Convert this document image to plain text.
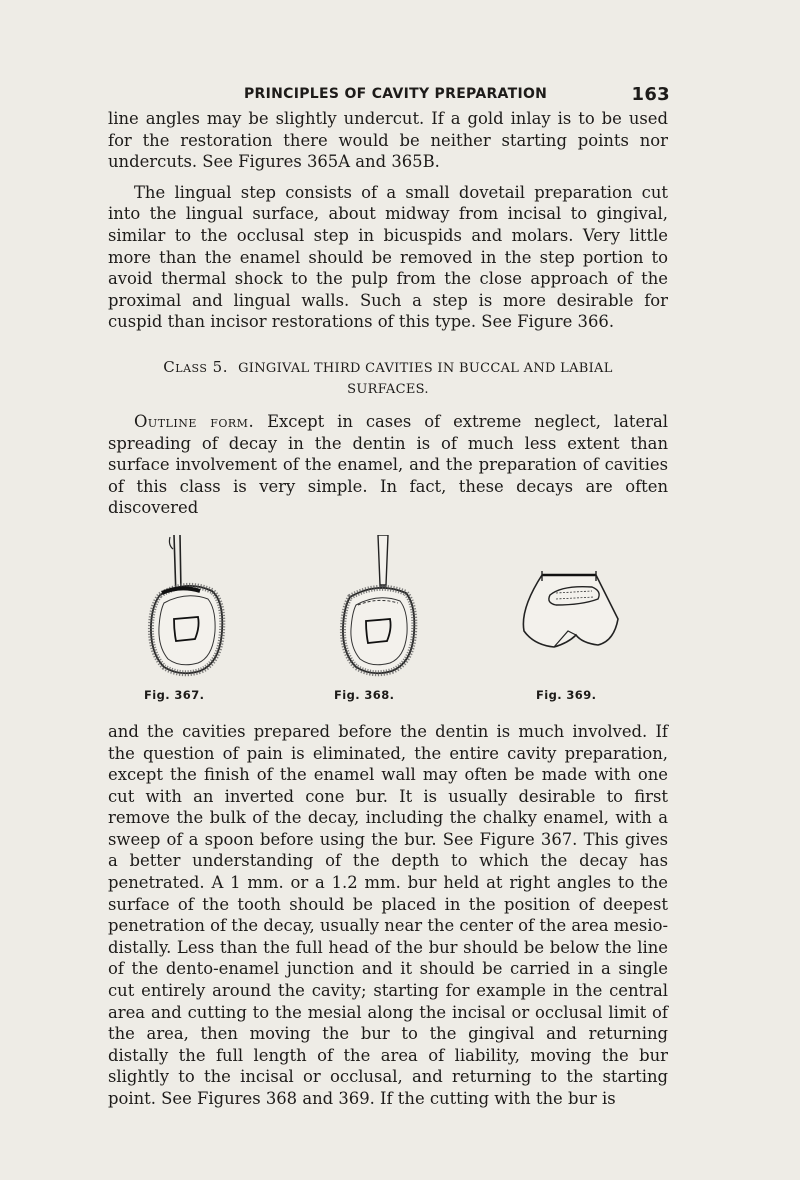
PRINCIPLES OF CAVITY PREPARATION	163

line angles may be slightly undercut. If a gold inlay is to be used for the restoration there would be neither starting points nor undercuts. See Figures 365A and 365B.

The lingual step consists of a small dovetail preparation cut into the lingual surface, about midway from incisal to gingival, similar to the occlusal step in bicuspids and molars. Very little more than the enamel should be removed in the step portion to avoid thermal shock to the pulp from the close approach of the proximal and lingual walls. Such a step is more desirable for cuspid than incisor restorations of this type. See Figure 366.

Class 5. GINGIVAL THIRD CAVITIES IN BUCCAL AND LABIAL
SURFACES.

Outline form. Except in cases of extreme neglect, lateral spreading of decay in the dentin is of much less extent than surface involvement of the enamel, and the preparation of cavities of this class is very simple. In fact, these decays are often discovered

Fig. 367.	Fig. 368.	Fig. 369.

and the cavities prepared before the dentin is much involved. If the question of pain is eliminated, the entire cavity preparation, except the finish of the enamel wall may often be made with one cut with an inverted cone bur. It is usually desirable to first remove the bulk of the decay, including the chalky enamel, with a sweep of a spoon before using the bur. See Figure 367. This gives a better understanding of the depth to which the decay has penetrated. A 1 mm. or a 1.2 mm. bur held at right angles to the surface of the tooth should be placed in the position of deepest penetration of the decay, usually near the center of the area mesio-distally. Less than the full head of the bur should be below the line of the dento-enamel junction and it should be carried in a single cut entirely around the cavity; starting for example in the central area and cutting to the mesial along the incisal or occlusal limit of the area, then moving the bur to the gingival and returning distally the full length of the area of liability, moving the bur slightly to the incisal or occlusal, and returning to the starting point. See Figures 368 and 369. If the cutting with the bur is
